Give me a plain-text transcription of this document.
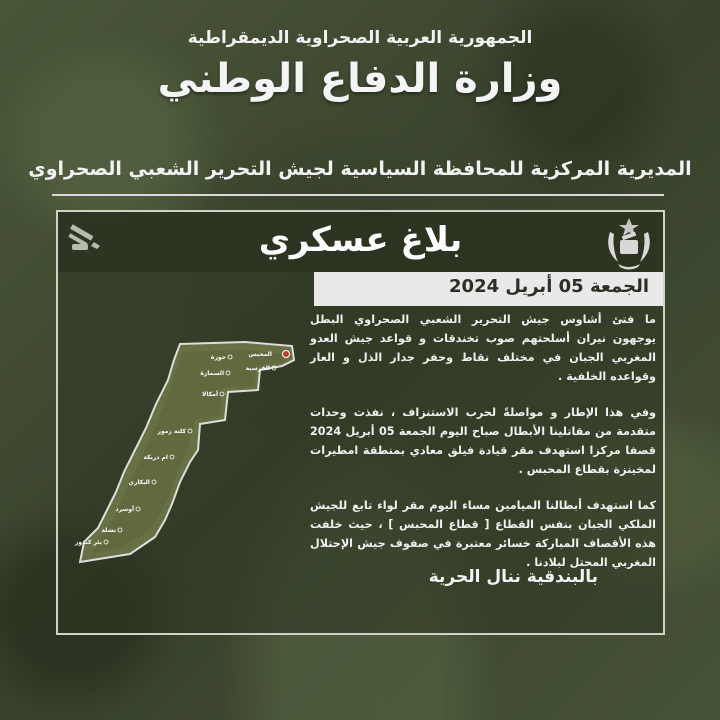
الجمهورية العربية الصحراوية الديمقراطية
وزارة الدفاع الوطني
المديرية المركزية للمحافظة السياسية لجيش التحرير الشعبي الصحراوي
بلاغ عسكري
الجمعة 05 أبريل 2024
المحبس
حوزة
الفرسية
السمارة
أمكالا
كلتة زمور
ام دريكة
البكاري
أوسرد
تشلة
بئر كندوز

ما فتئ أشاوس جيش التحرير الشعبي الصحراوي البطل يوجهون نيران أسلحتهم صوب تخندقات و قواعد جيش العدو المغربي الجبان في مختلف نقاط وحفر جدار الذل و العار وقواعده الخلفية .

وفي هذا الإطار و مواصلةً لحرب الاستنزاف ، نفذت وحدات متقدمة من مقاتلينا الأبطال صباح اليوم الجمعة 05 أبريل 2024 قصفا مركزا استهدف مقر قيادة فيلق معادي بمنطقة امطيرات لمخينزة بقطاع المحبس .

كما استهدف أبطالنا الميامين مساء اليوم مقر لواء تابع للجيش الملكي الجبان بنفس القطاع [ قطاع المحبس ] ، حيث خلفت هذه الأقصاف المباركة خسائر معتبرة في صفوف جيش الإحتلال المغربي المحتل لبلادنا .

بالبندقية ننال الحرية
